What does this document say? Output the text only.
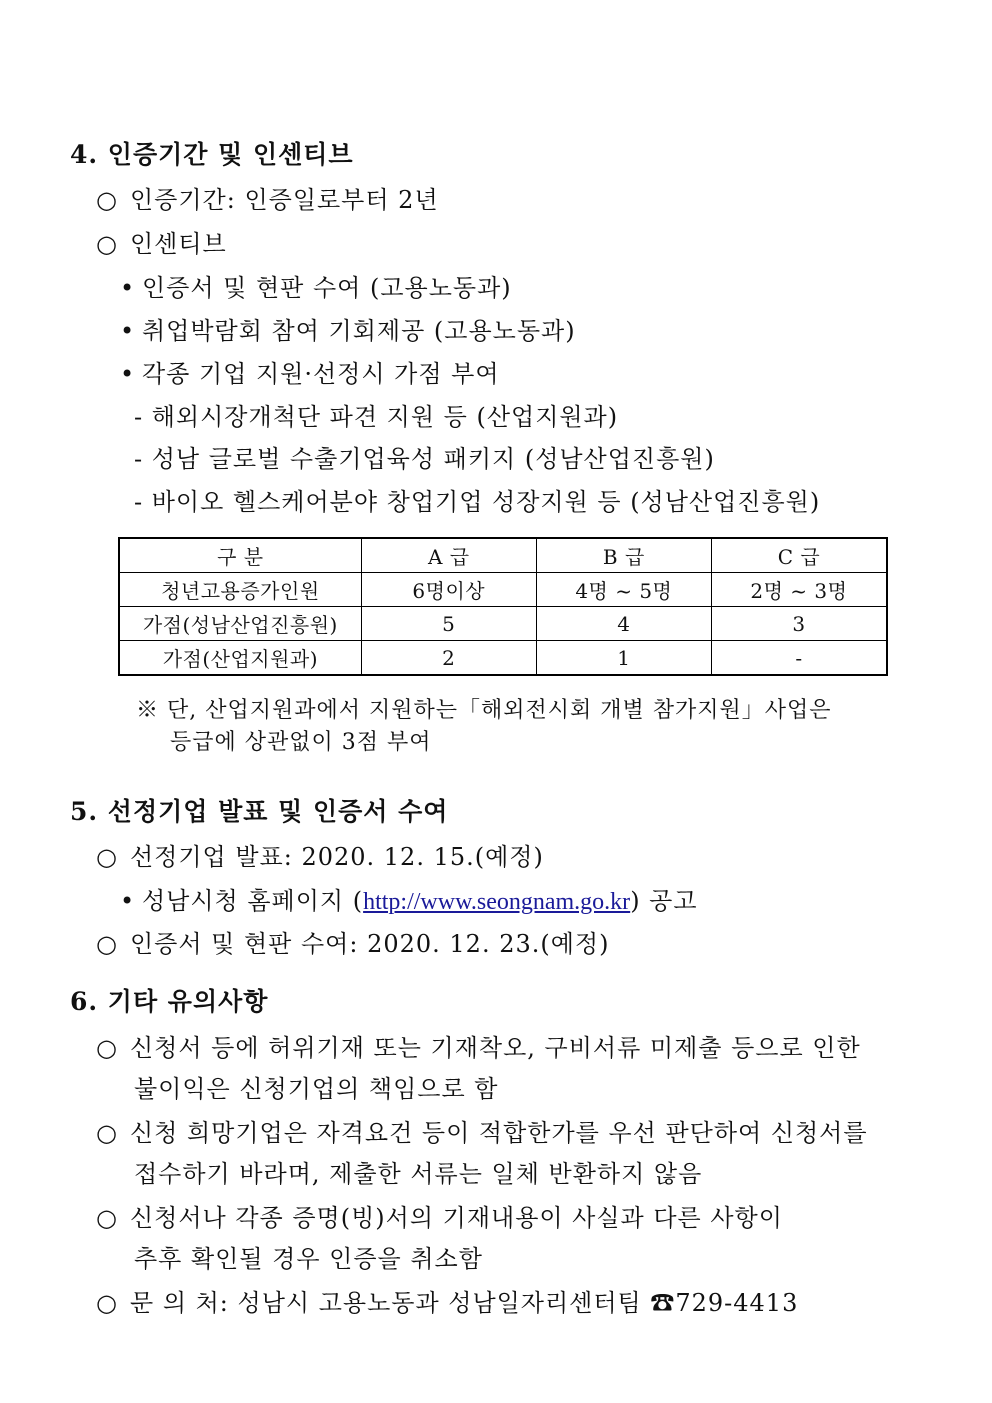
4. 인증기간 및 인센티브
○ 인증기간: 인증일로부터 2년
○ 인센티브
• 인증서 및 현판 수여 (고용노동과)
• 취업박람회 참여 기회제공 (고용노동과)
• 각종 기업 지원·선정시 가점 부여
- 해외시장개척단 파견 지원 등 (산업지원과)
- 성남 글로벌 수출기업육성 패키지 (성남산업진흥원)
- 바이오 헬스케어분야 창업기업 성장지원 등 (성남산업진흥원)
구 분	A 급	B 급	C 급
청년고용증가인원	6명이상	4명 ~ 5명	2명 ~ 3명
가점(성남산업진흥원)	5	4	3
가점(산업지원과)	2	1	-
※ 단, 산업지원과에서 지원하는「해외전시회 개별 참가지원」사업은
등급에 상관없이 3점 부여
5. 선정기업 발표 및 인증서 수여
○ 선정기업 발표: 2020. 12. 15.(예정)
• 성남시청 홈페이지 (http://www.seongnam.go.kr) 공고
○ 인증서 및 현판 수여: 2020. 12. 23.(예정)
6. 기타 유의사항
○ 신청서 등에 허위기재 또는 기재착오, 구비서류 미제출 등으로 인한
불이익은 신청기업의 책임으로 함
○ 신청 희망기업은 자격요건 등이 적합한가를 우선 판단하여 신청서를
접수하기 바라며, 제출한 서류는 일체 반환하지 않음
○ 신청서나 각종 증명(빙)서의 기재내용이 사실과 다른 사항이
추후 확인될 경우 인증을 취소함
○ 문 의 처: 성남시 고용노동과 성남일자리센터팀 ☎729-4413
